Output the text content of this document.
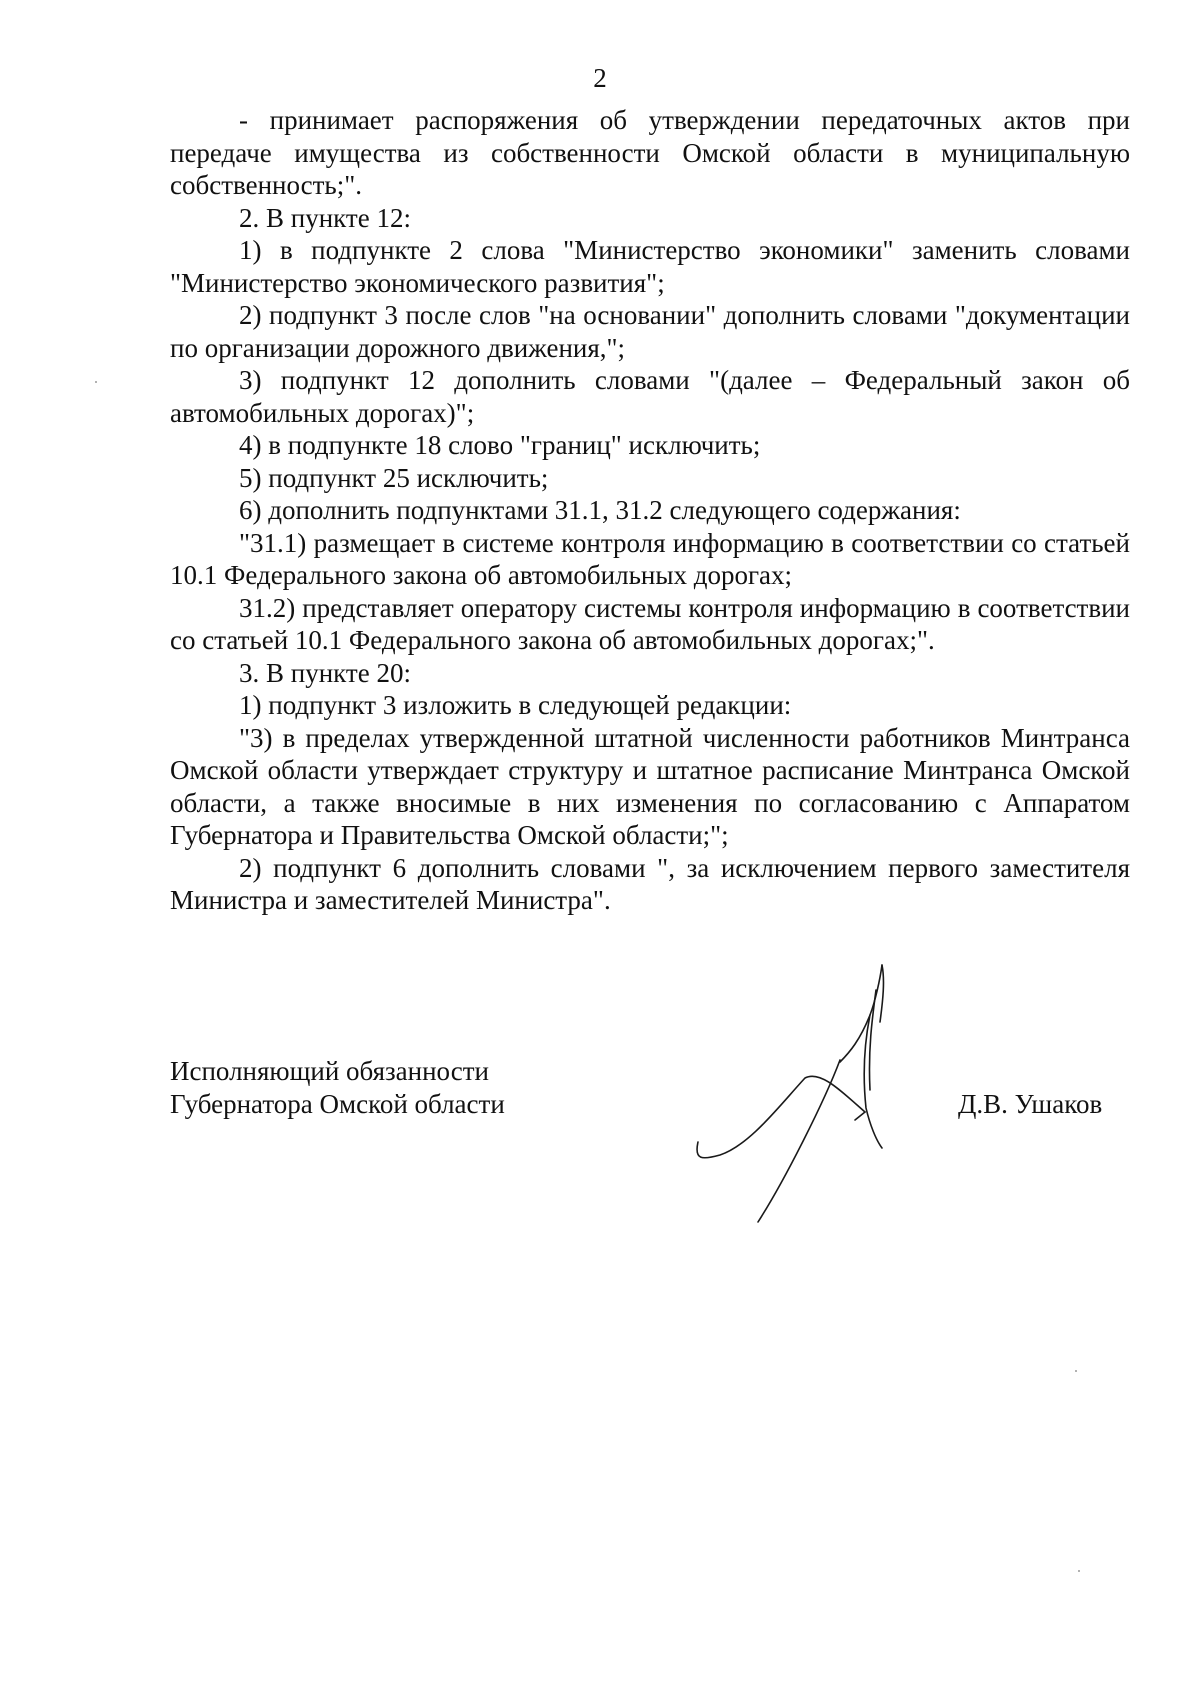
2

- принимает распоряжения об утверждении передаточных актов при передаче имущества из собственности Омской области в муниципальную собственность;".

2. В пункте 12:

1) в подпункте 2 слова "Министерство экономики" заменить словами "Министерство экономического развития";

2) подпункт 3 после слов "на основании" дополнить словами "документации по организации дорожного движения,";

3) подпункт 12 дополнить словами "(далее – Федеральный закон об автомобильных дорогах)";

4) в подпункте 18 слово "границ" исключить;

5) подпункт 25 исключить;

6) дополнить подпунктами 31.1, 31.2 следующего содержания:

"31.1) размещает в системе контроля информацию в соответствии со статьей 10.1 Федерального закона об автомобильных дорогах;

31.2) представляет оператору системы контроля информацию в соответствии со статьей 10.1 Федерального закона об автомобильных дорогах;".

3. В пункте 20:

1) подпункт 3 изложить в следующей редакции:

"3) в пределах утвержденной штатной численности работников Минтранса Омской области утверждает структуру и штатное расписание Минтранса Омской области, а также вносимые в них изменения по согласованию с Аппаратом Губернатора и Правительства Омской области;";

2) подпункт 6 дополнить словами ", за исключением первого заместителя Министра и заместителей Министра".

Исполняющий обязанности
Губернатора Омской области	Д.В. Ушаков
